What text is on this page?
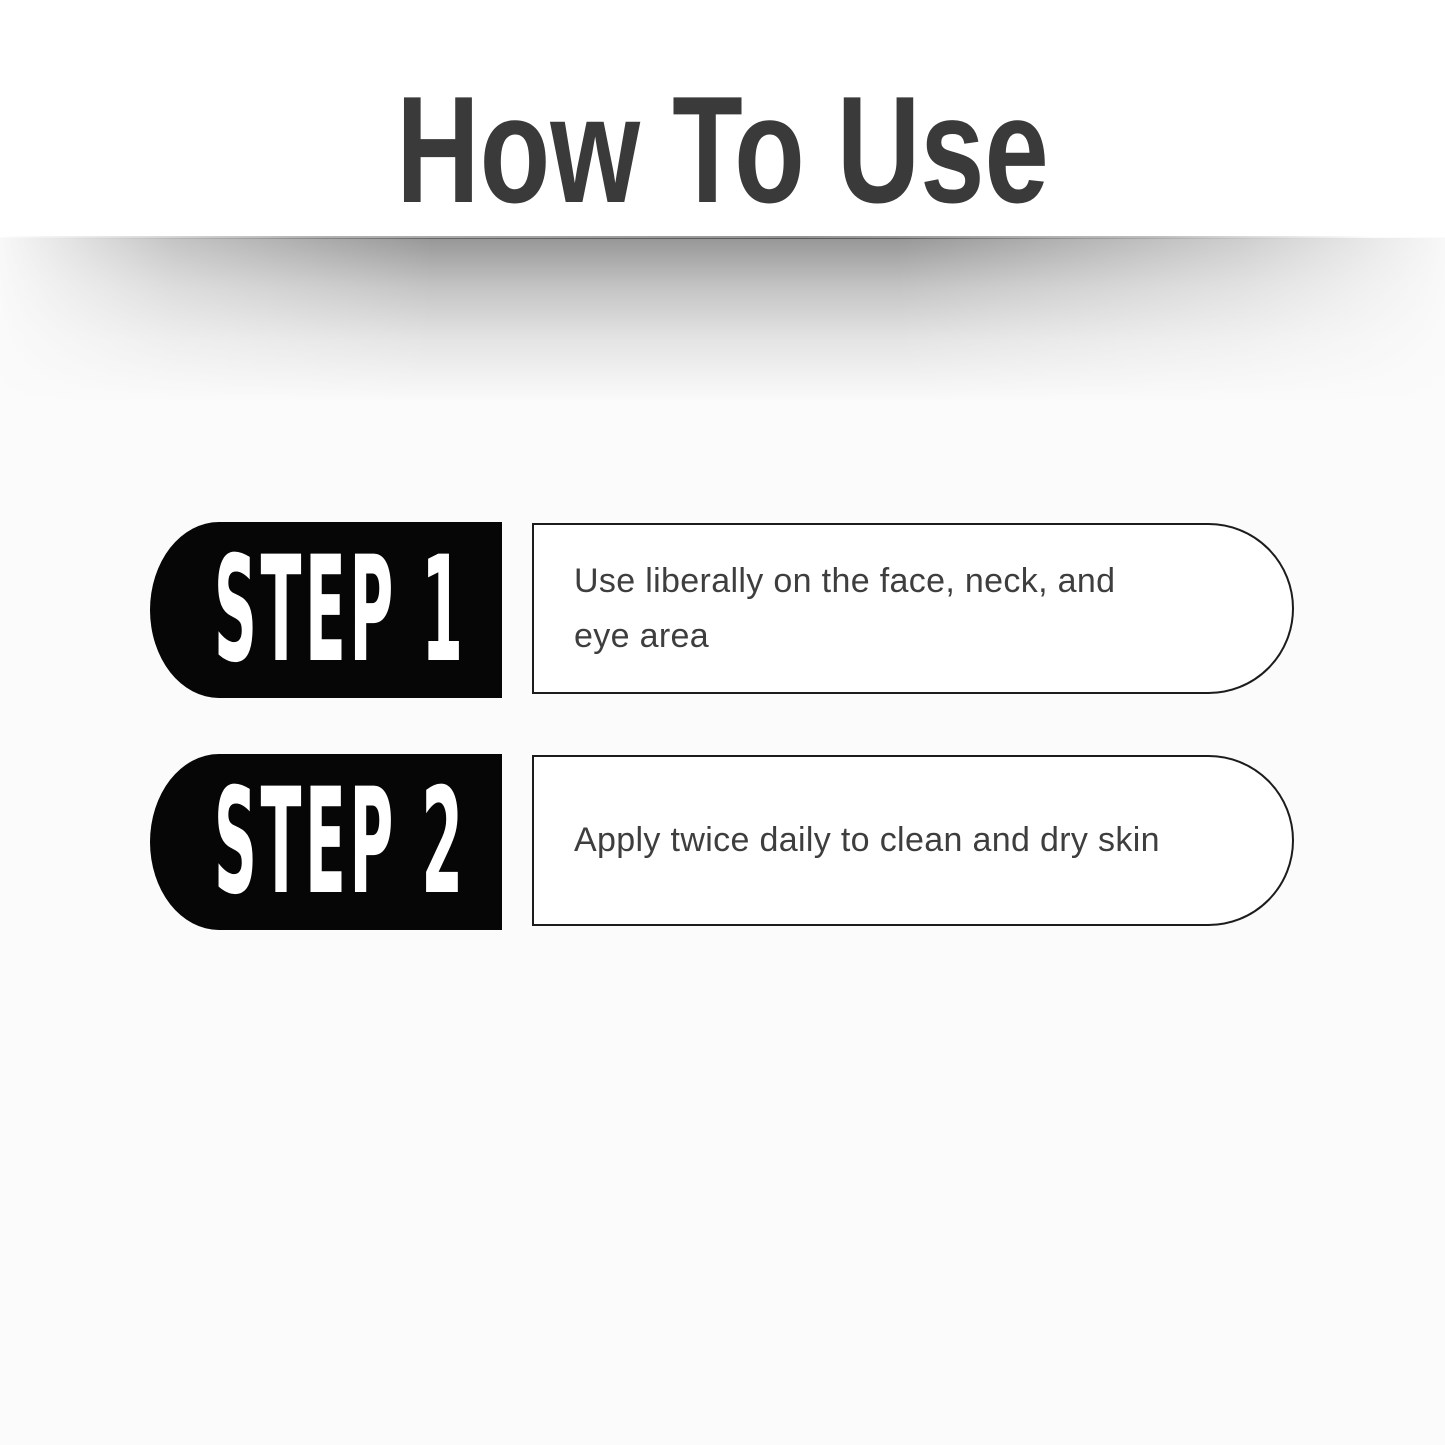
How To Use
STEP 1	Use liberally on the face, neck, and eye area

STEP 2	Apply twice daily to clean and dry skin
